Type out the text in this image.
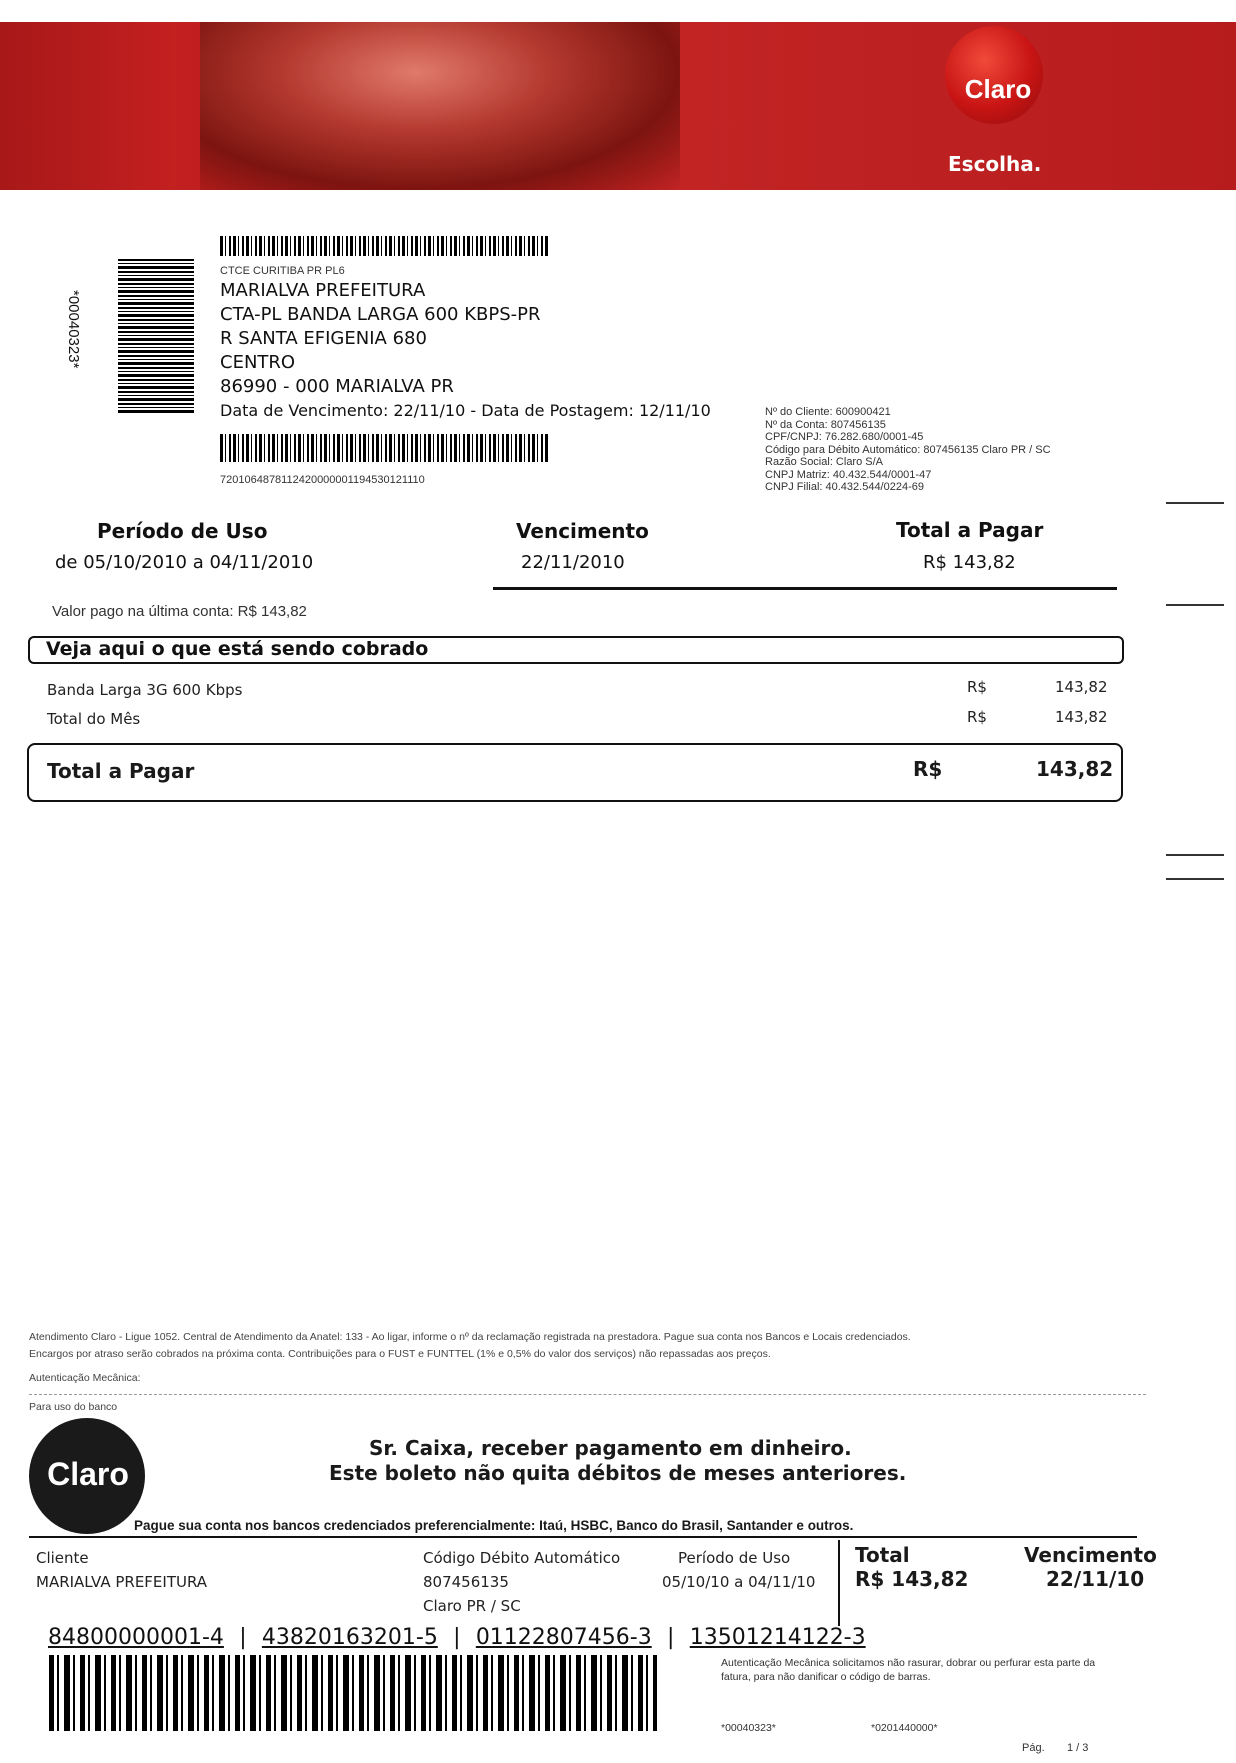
Claro
Escolha.
*00040323*
CTCE CURITIBA PR PL6
MARIALVA PREFEITURA
CTA-PL BANDA LARGA 600 KBPS-PR
R SANTA EFIGENIA 680
CENTRO
86990 - 000 MARIALVA PR
Data de Vencimento: 22/11/10 - Data de Postagem: 12/11/10
7201064878112420000001194530121110
Nº do Cliente: 600900421
Nº da Conta: 807456135
CPF/CNPJ: 76.282.680/0001-45
Código para Débito Automático: 807456135 Claro PR / SC
Razão Social: Claro S/A
CNPJ Matriz: 40.432.544/0001-47
CNPJ Filial: 40.432.544/0224-69
Período de Uso
de 05/10/2010 a 04/11/2010
Vencimento
22/11/2010
Total a Pagar
R$ 143,82
Valor pago na última conta: R$ 143,82
Veja aqui o que está sendo cobrado
Banda Larga 3G 600 Kbps	R$	143,82
Total do Mês	R$	143,82
Total a Pagar	R$	143,82
Atendimento Claro - Ligue 1052. Central de Atendimento da Anatel: 133 - Ao ligar, informe o nº da reclamação registrada na prestadora. Pague sua conta nos Bancos e Locais credenciados.
Encargos por atraso serão cobrados na próxima conta. Contribuições para o FUST e FUNTTEL (1% e 0,5% do valor dos serviços) não repassadas aos preços.
Autenticação Mecânica:
Para uso do banco
Claro
Sr. Caixa, receber pagamento em dinheiro.
Este boleto não quita débitos de meses anteriores.
Pague sua conta nos bancos credenciados preferencialmente: Itaú, HSBC, Banco do Brasil, Santander e outros.
Cliente
MARIALVA PREFEITURA
Código Débito Automático
807456135
Claro PR / SC
Período de Uso
05/10/10 a 04/11/10
Total
R$ 143,82
Vencimento
22/11/10
84800000001-4 | 43820163201-5 | 01122807456-3 | 13501214122-3
Autenticação Mecânica solicitamos não rasurar, dobrar ou perfurar esta parte da fatura, para não danificar o código de barras.
*00040323*	*0201440000*
Pág. 1 / 3
